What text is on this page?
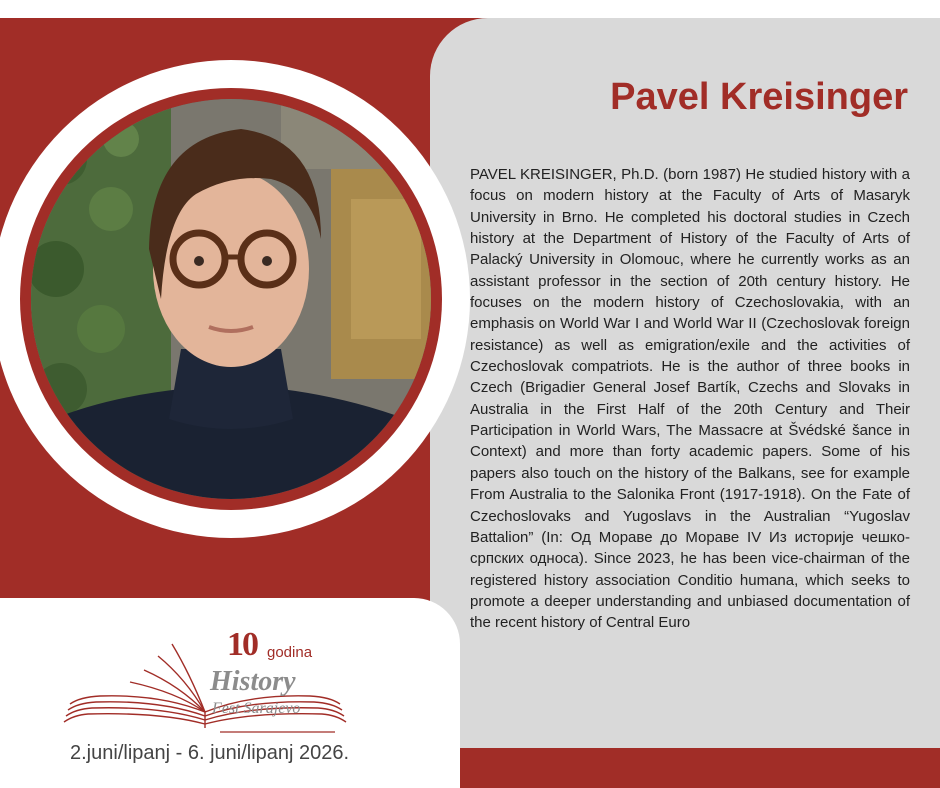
Pavel Kreisinger
PAVEL KREISINGER, Ph.D. (born 1987) He studied history with a focus on modern history at the Faculty of Arts of Masaryk University in Brno. He completed his doctoral studies in Czech history at the Department of History of the Faculty of Arts of Palacký University in Olomouc, where he currently works as an assistant professor in the section of 20th century history. He focuses on the modern history of Czechoslovakia, with an emphasis on World War I and World War II (Czechoslovak foreign resistance) as well as emigration/exile and the activities of Czechoslovak compatriots. He is the author of three books in Czech (Brigadier General Josef Bartík, Czechs and Slovaks in Australia in the First Half of the 20th Century and Their Participation in World Wars, The Massacre at Švédské šance in Context) and more than forty academic papers. Some of his papers also touch on the history of the Balkans, see for example From Australia to the Salonika Front (1917-1918). On the Fate of Czechoslovaks and Yugoslavs in the Australian “Yugoslav Battalion” (In: Од Мораве до Мораве IV Из историје чешко-српских односа). Since 2023, he has been vice-chairman of the registered history association Conditio humana, which seeks to promote a deeper understanding and unbiased documentation of the recent history of Central Euro
10 godina
History
Fest Sarajevo
2.juni/lipanj - 6. juni/lipanj 2026.
